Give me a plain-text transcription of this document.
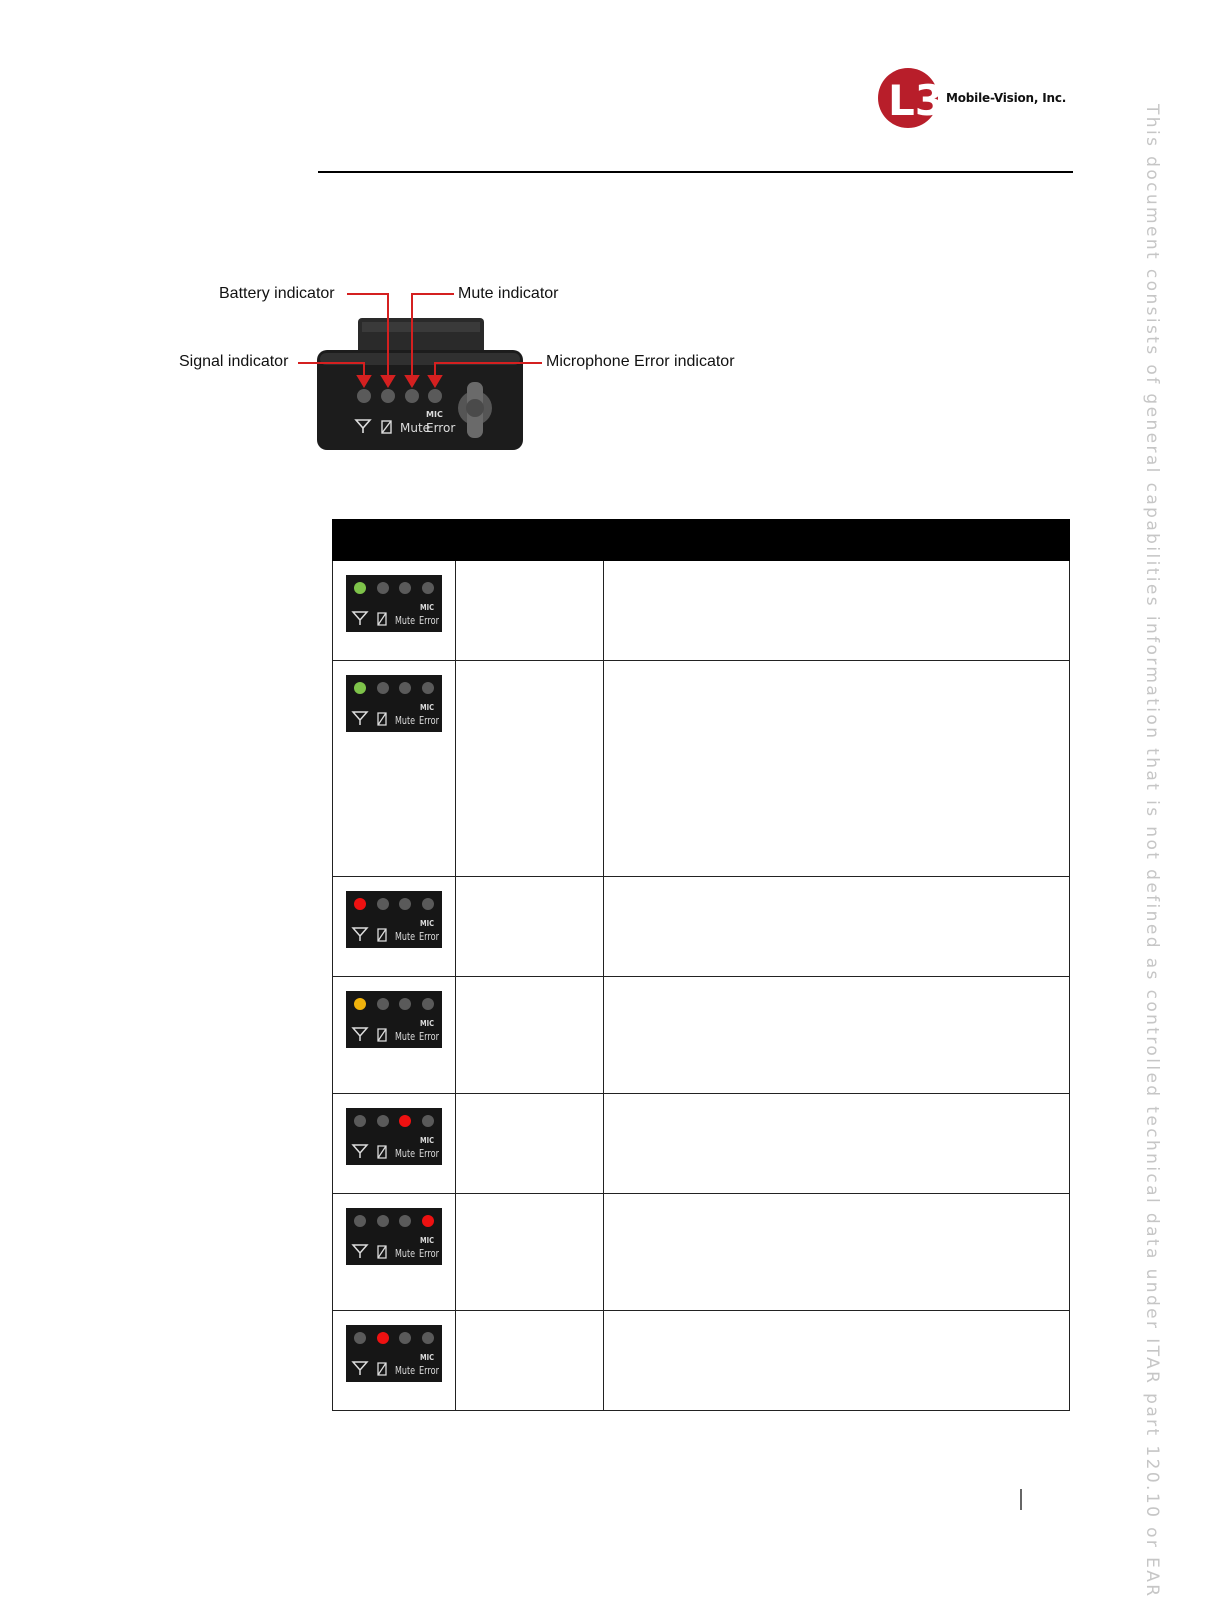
L3 Mobile-Vision, Inc.
This document consists of general capabilities information that is not defined as controlled technical data under ITAR part 120.10 or EAR
Battery indicator	Mute indicator
Signal indicator	Microphone Error indicator
Mute
MIC
Error

Mute
MIC
Error		

Mute
MIC
Error		

Mute
MIC
Error		

Mute
MIC
Error		

Mute
MIC
Error		

Mute
MIC
Error		

Mute
MIC
Error		
